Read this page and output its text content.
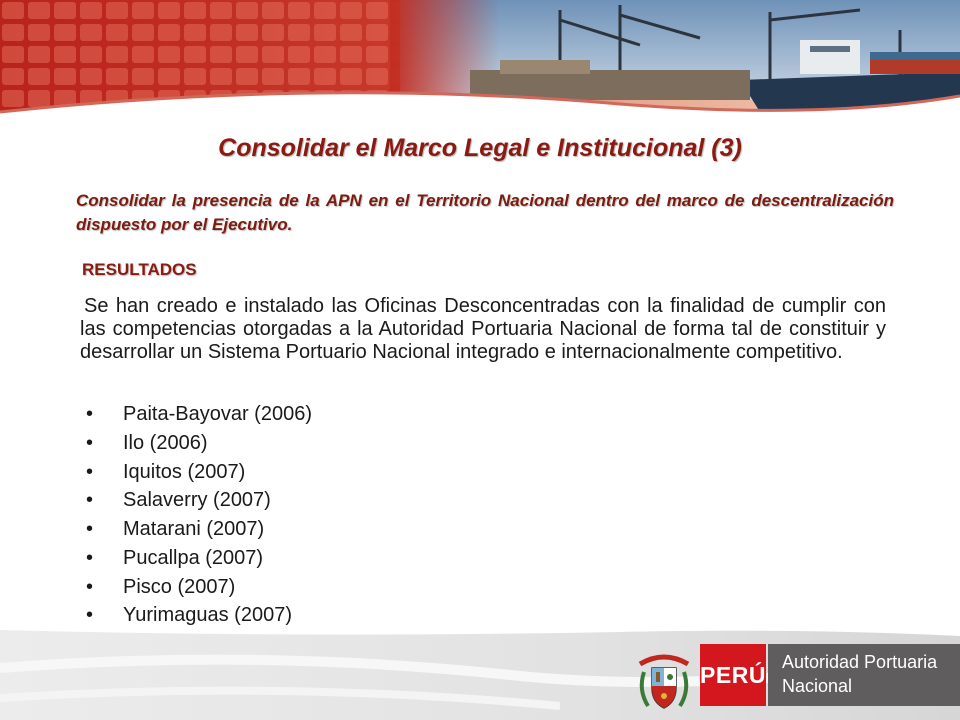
Consolidar el Marco Legal e Institucional (3)

Consolidar la presencia de la APN en el Territorio Nacional dentro del marco de descentralización dispuesto por el Ejecutivo.

RESULTADOS

Se han creado e instalado las Oficinas Desconcentradas con la finalidad de cumplir con las competencias otorgadas a la Autoridad Portuaria Nacional de forma tal de constituir y desarrollar un Sistema Portuario Nacional integrado e internacionalmente competitivo.

• Paita-Bayovar (2006)
• Ilo (2006)
• Iquitos (2007)
• Salaverry (2007)
• Matarani (2007)
• Pucallpa (2007)
• Pisco (2007)
• Yurimaguas (2007)
PERÚ Autoridad Portuaria
Nacional
